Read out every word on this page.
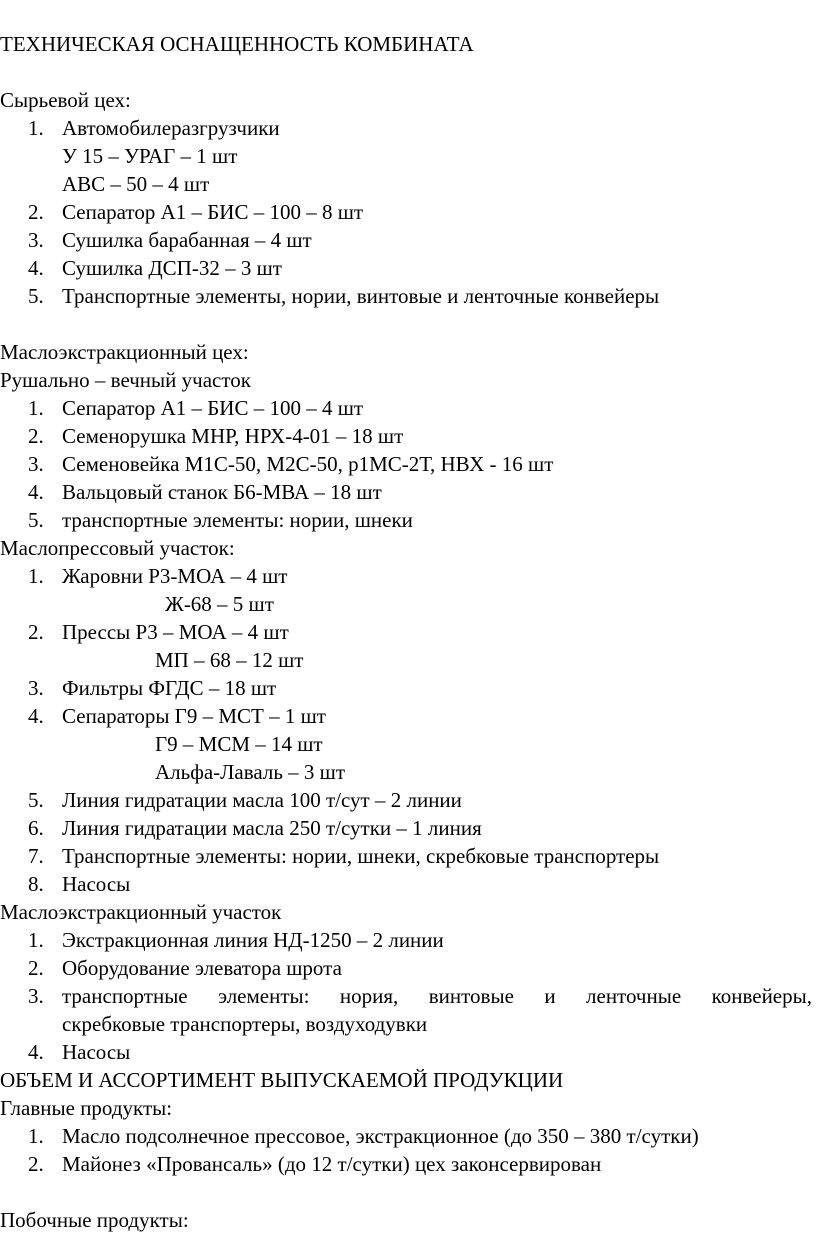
ТЕХНИЧЕСКАЯ ОСНАЩЕННОСТЬ КОМБИНАТА
Сырьевой цех:
1. Автомобилеразгрузчики
У 15 – УРАГ – 1 шт
АВС – 50 – 4 шт
2. Сепаратор А1 – БИС – 100 – 8 шт
3. Сушилка барабанная – 4 шт
4. Сушилка ДСП-32 – 3 шт
5. Транспортные элементы, нории, винтовые и ленточные конвейеры
Маслоэкстракционный цех:
Рушально – вечный участок
1. Сепаратор А1 – БИС – 100 – 4 шт
2. Семенорушка МНР, НРХ-4-01 – 18 шт
3. Семеновейка М1С-50, М2С-50, р1МС-2Т, НВХ - 16 шт
4. Вальцовый станок Б6-МВА – 18 шт
5. транспортные элементы: нории, шнеки
Маслопрессовый участок:
1. Жаровни Р3-МОА – 4 шт
Ж-68 – 5 шт
2. Прессы Р3 – МОА – 4 шт
МП – 68 – 12 шт
3. Фильтры ФГДС – 18 шт
4. Сепараторы Г9 – МСТ – 1 шт
Г9 – МСМ – 14 шт
Альфа-Лаваль – 3 шт
5. Линия гидратации масла 100 т/сут – 2 линии
6. Линия гидратации масла 250 т/сутки – 1 линия
7. Транспортные элементы: нории, шнеки, скребковые транспортеры
8. Насосы
Маслоэкстракционный участок
1. Экстракционная линия НД-1250 – 2 линии
2. Оборудование элеватора шрота
3. транспортные элементы: нория, винтовые и ленточные конвейеры,
скребковые транспортеры, воздуходувки
4. Насосы
ОБЪЕМ И АССОРТИМЕНТ ВЫПУСКАЕМОЙ ПРОДУКЦИИ
Главные продукты:
1. Масло подсолнечное прессовое, экстракционное (до 350 – 380 т/сутки)
2. Майонез «Провансаль» (до 12 т/сутки) цех законсервирован
Побочные продукты:
